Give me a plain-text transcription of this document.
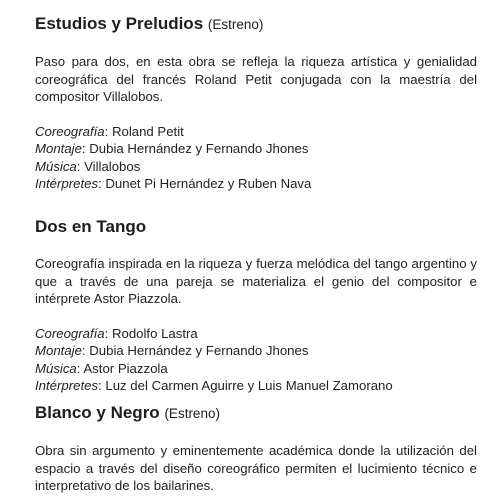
Estudios y Preludios (Estreno)

Paso para dos, en esta obra se refleja la riqueza artística y genialidad coreográfica del francés Roland Petit conjugada con la maestría del compositor Villalobos.

Coreografía: Roland Petit
Montaje: Dubia Hernández y Fernando Jhones
Música: Villalobos
Intérpretes: Dunet Pi Hernández y Ruben Nava
Dos en Tango

Coreografía inspirada en la riqueza y fuerza melódica del tango argentino y que a través de una pareja se materializa el genio del compositor e intérprete Astor Piazzola.

Coreografía: Rodolfo Lastra
Montaje: Dubia Hernández y Fernando Jhones
Música: Astor Piazzola
Intérpretes: Luz del Carmen Aguirre y Luis Manuel Zamorano
Blanco y Negro (Estreno)

Obra sin argumento y eminentemente académica donde la utilización del espacio a través del diseño coreográfico permiten el lucimiento técnico e interpretativo de los bailarines.
